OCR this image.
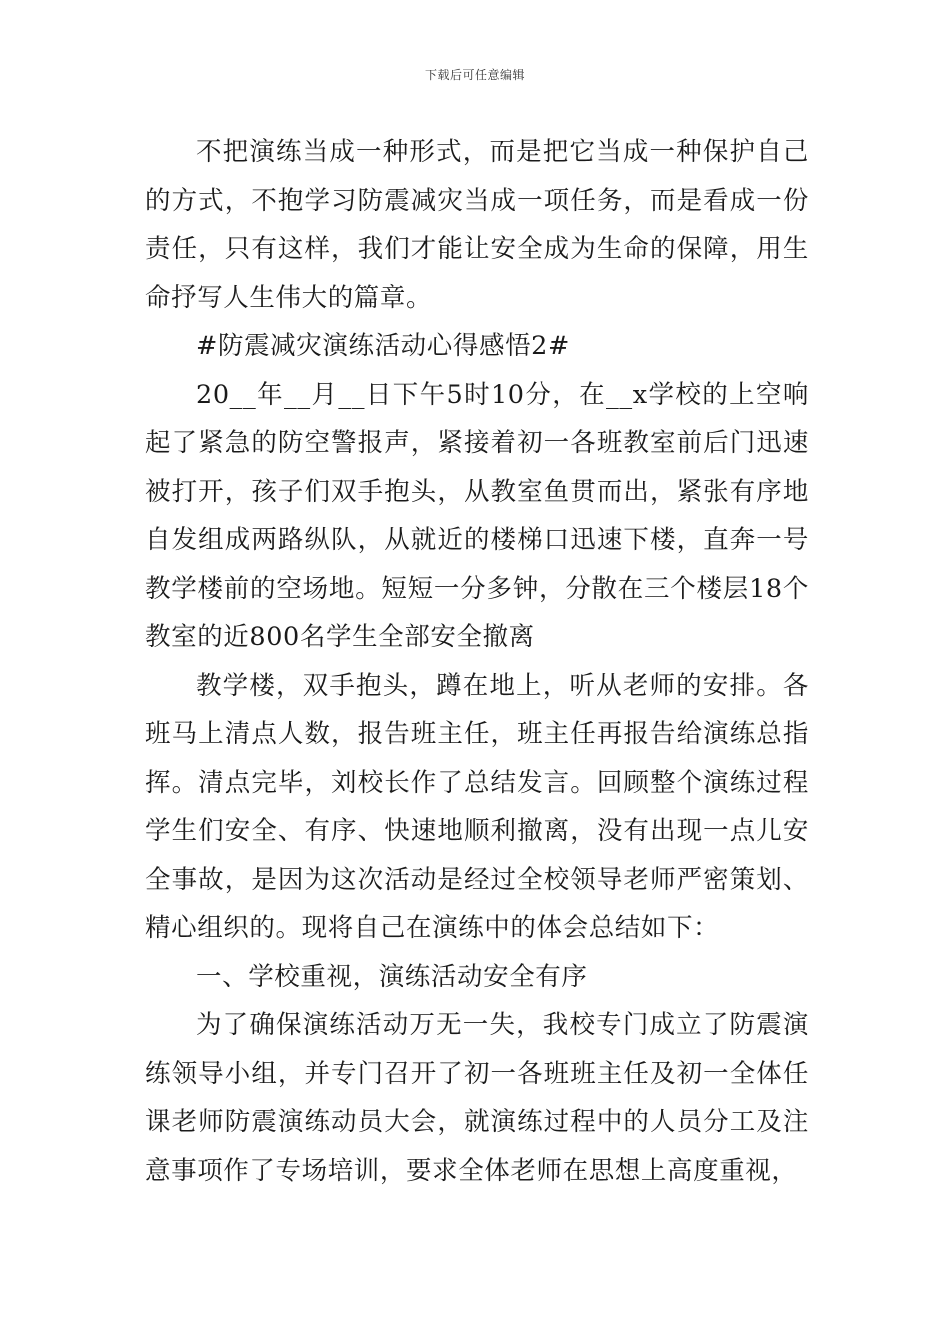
下载后可任意编辑

不把演练当成一种形式，而是把它当成一种保护自己的方式，不抱学习防震减灾当成一项任务，而是看成一份责任，只有这样，我们才能让安全成为生命的保障，用生命抒写人生伟大的篇章。

#防震减灾演练活动心得感悟2#

20__年__月__日下午5时10分，在__x学校的上空响起了紧急的防空警报声，紧接着初一各班教室前后门迅速被打开，孩子们双手抱头，从教室鱼贯而出，紧张有序地自发组成两路纵队，从就近的楼梯口迅速下楼，直奔一号教学楼前的空场地。短短一分多钟，分散在三个楼层18个教室的近800名学生全部安全撤离

教学楼，双手抱头，蹲在地上，听从老师的安排。各班马上清点人数，报告班主任，班主任再报告给演练总指挥。清点完毕，刘校长作了总结发言。回顾整个演练过程学生们安全、有序、快速地顺利撤离，没有出现一点儿安全事故，是因为这次活动是经过全校领导老师严密策划、精心组织的。现将自己在演练中的体会总结如下：

一、学校重视，演练活动安全有序

为了确保演练活动万无一失，我校专门成立了防震演练领导小组，并专门召开了初一各班班主任及初一全体任课老师防震演练动员大会，就演练过程中的人员分工及注意事项作了专场培训，要求全体老师在思想上高度重视，
